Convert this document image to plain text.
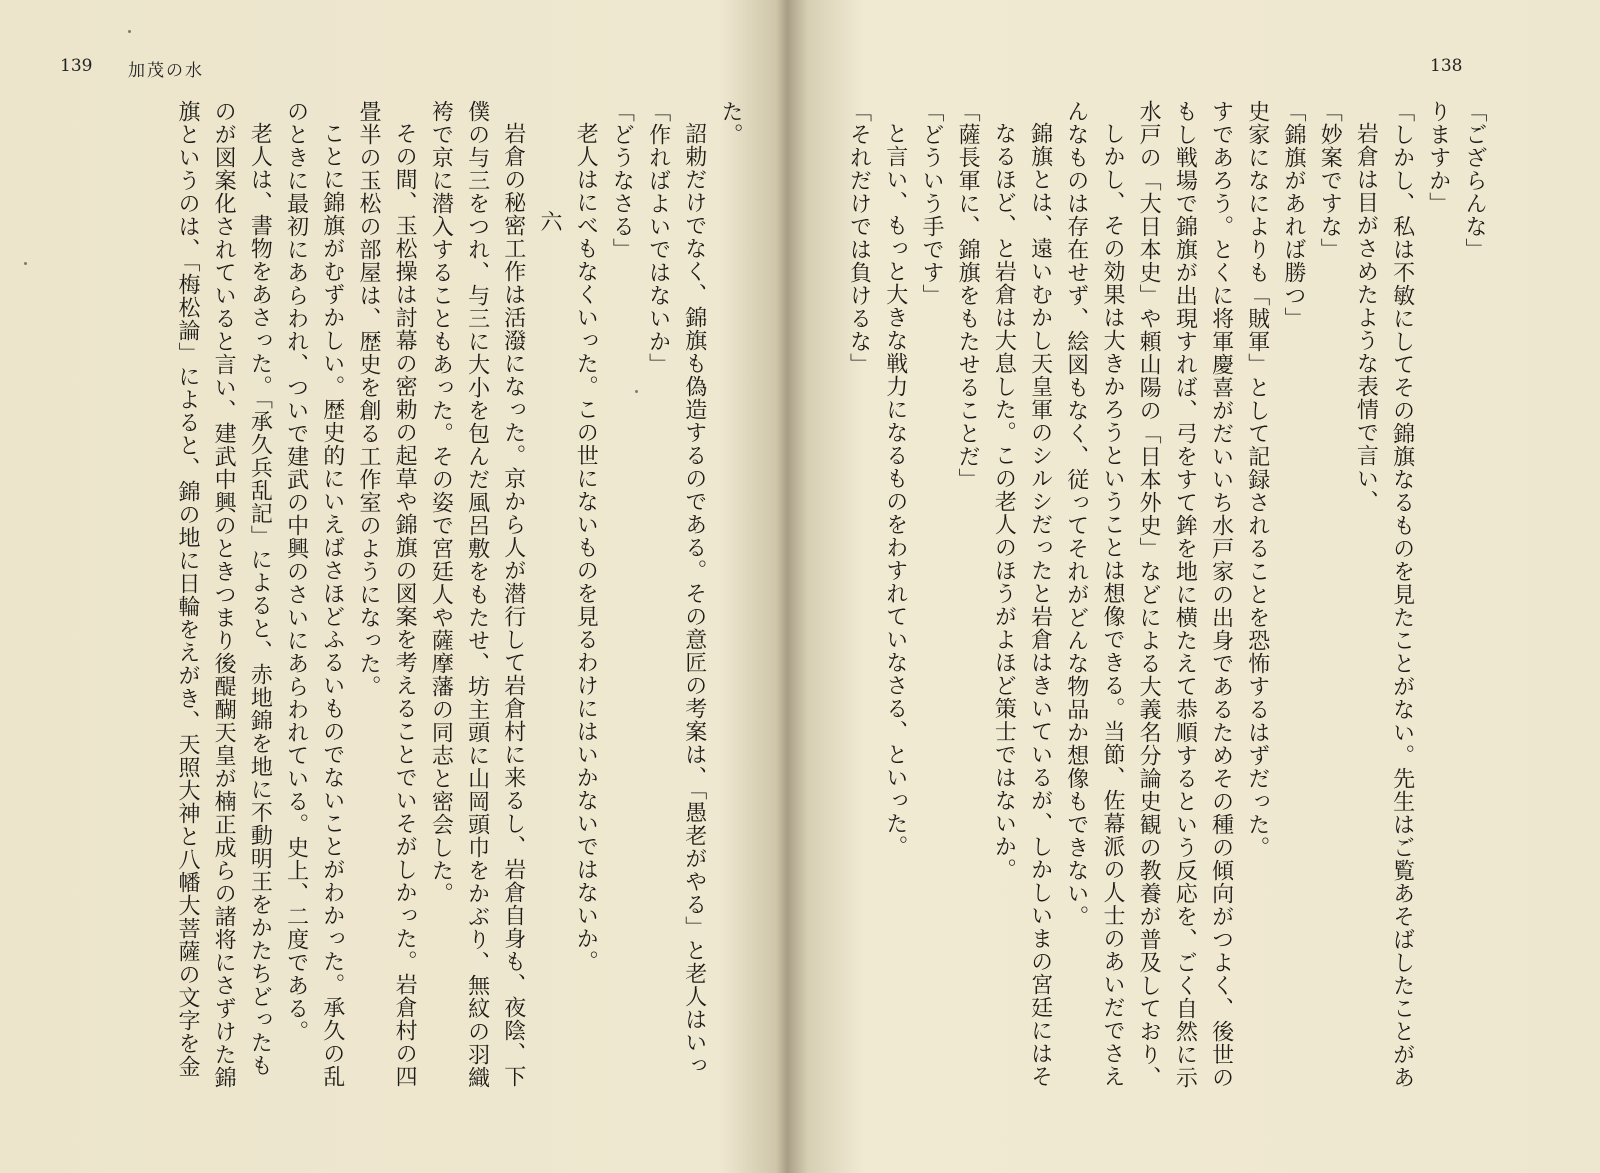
139 加茂の水
た。
詔勅だけでなく、錦旗も偽造するのである。その意匠の考案は、「愚老がやる」と老人はいっ
「作ればよいではないか」
「どうなさる」
老人はにべもなくいった。この世にないものを見るわけにはいかないではないか。
六
岩倉の秘密工作は活潑になった。京から人が潜行して岩倉村に来るし、岩倉自身も、夜陰、下
僕の与三をつれ、与三に大小を包んだ風呂敷をもたせ、坊主頭に山岡頭巾をかぶり、無紋の羽織
袴で京に潜入することもあった。その姿で宮廷人や薩摩藩の同志と密会した。
その間、玉松操は討幕の密勅の起草や錦旗の図案を考えることでいそがしかった。岩倉村の四
畳半の玉松の部屋は、歴史を創る工作室のようになった。
ことに錦旗がむずかしい。歴史的にいえばさほどふるいものでないことがわかった。承久の乱
のときに最初にあらわれ、ついで建武の中興のさいにあらわれている。史上、二度である。
老人は、書物をあさった。「承久兵乱記」によると、赤地錦を地に不動明王をかたちどったも
のが図案化されていると言い、建武中興のときつまり後醍醐天皇が楠正成らの諸将にさずけた錦
旗というのは、「梅松論」によると、錦の地に日輪をえがき、天照大神と八幡大菩薩の文字を金
138
「ござらんな」
りますか」
「しかし、私は不敏にしてその錦旗なるものを見たことがない。先生はご覧あそばしたことがあ
岩倉は目がさめたような表情で言い、
「妙案ですな」
「錦旗があれば勝つ」
史家になによりも「賊軍」として記録されることを恐怖するはずだった。
すであろう。とくに将軍慶喜がだいいち水戸家の出身であるためその種の傾向がつよく、後世の
もし戦場で錦旗が出現すれば、弓をすて鉾を地に横たえて恭順するという反応を、ごく自然に示
水戸の「大日本史」や頼山陽の「日本外史」などによる大義名分論史観の教養が普及しており、
しかし、その効果は大きかろうということは想像できる。当節、佐幕派の人士のあいだでさえ
んなものは存在せず、絵図もなく、従ってそれがどんな物品か想像もできない。
錦旗とは、遠いむかし天皇軍のシルシだったと岩倉はきいているが、しかしいまの宮廷にはそ
なるほど、と岩倉は大息した。この老人のほうがよほど策士ではないか。
「薩長軍に、錦旗をもたせることだ」
「どういう手です」
と言い、もっと大きな戦力になるものをわすれていなさる、といった。
「それだけでは負けるな」
